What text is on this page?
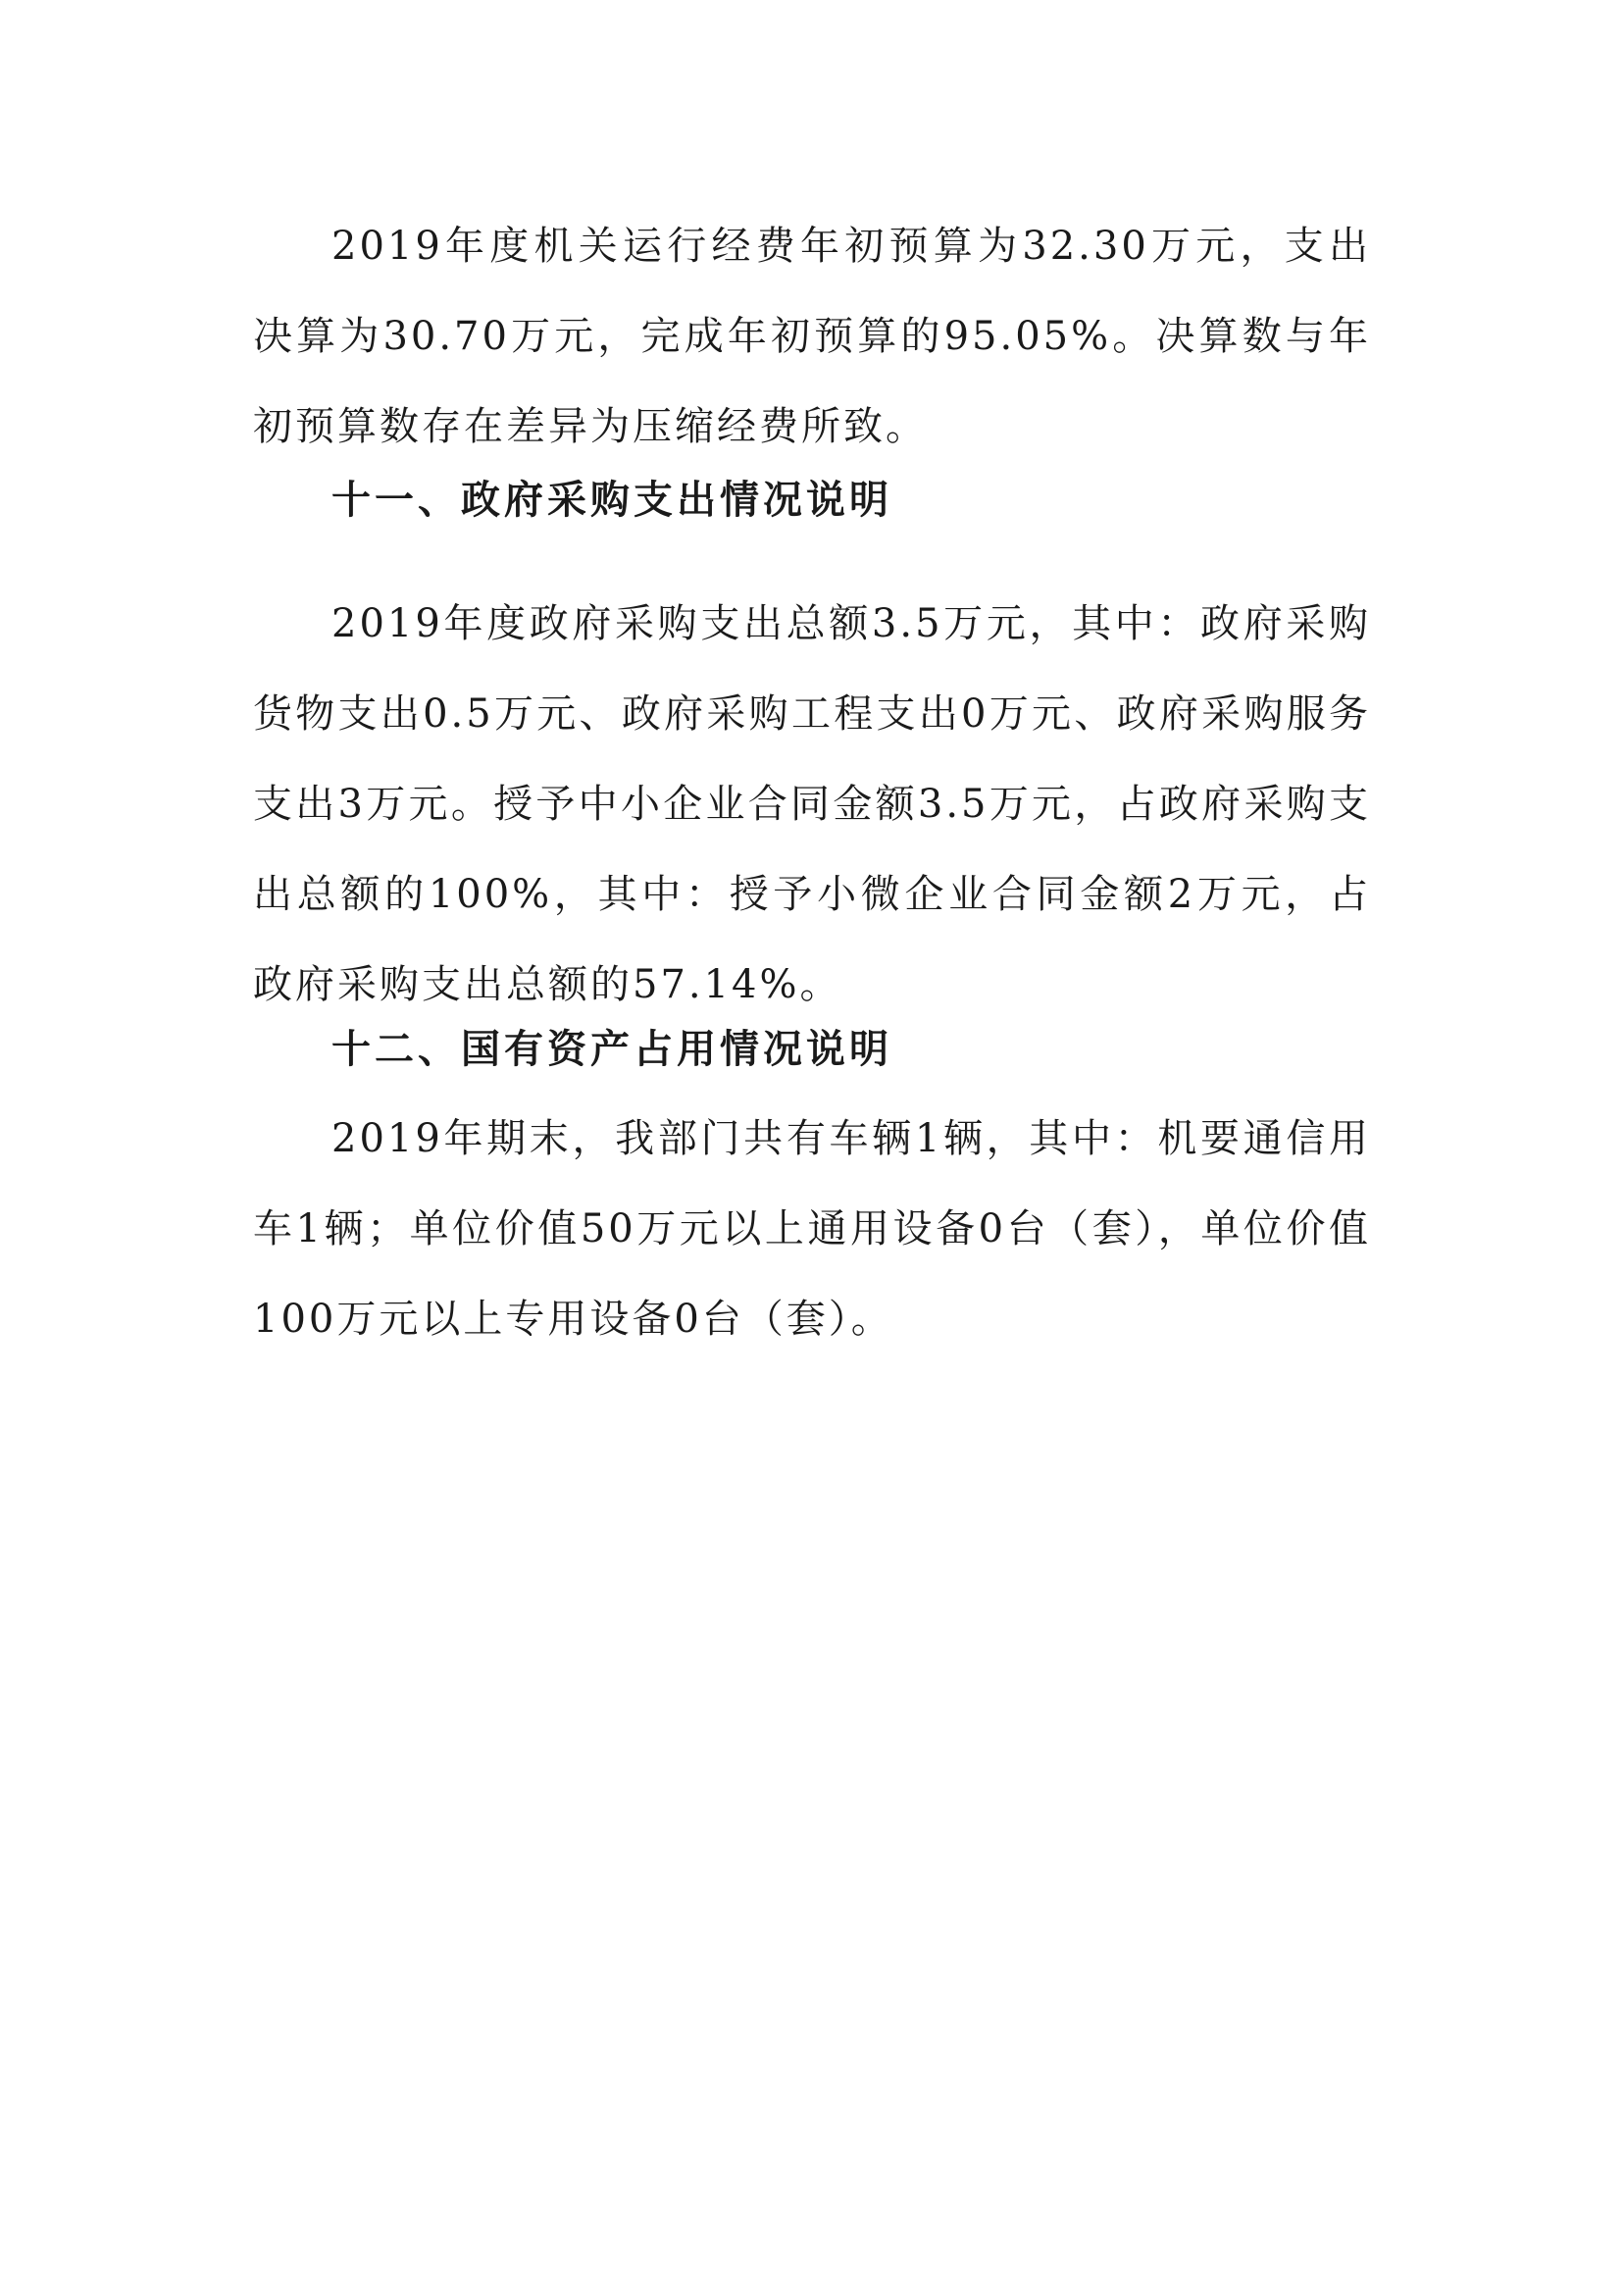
2019年度机关运行经费年初预算为32.30万元，支出决算为30.70万元，完成年初预算的95.05%。决算数与年初预算数存在差异为压缩经费所致。

十一、政府采购支出情况说明

2019年度政府采购支出总额3.5万元，其中：政府采购货物支出0.5万元、政府采购工程支出0万元、政府采购服务支出3万元。授予中小企业合同金额3.5万元，占政府采购支出总额的100%，其中：授予小微企业合同金额2万元，占政府采购支出总额的57.14%。

十二、国有资产占用情况说明

2019年期末，我部门共有车辆1辆，其中：机要通信用车1辆；单位价值50万元以上通用设备0台（套），单位价值100万元以上专用设备0台（套）。
